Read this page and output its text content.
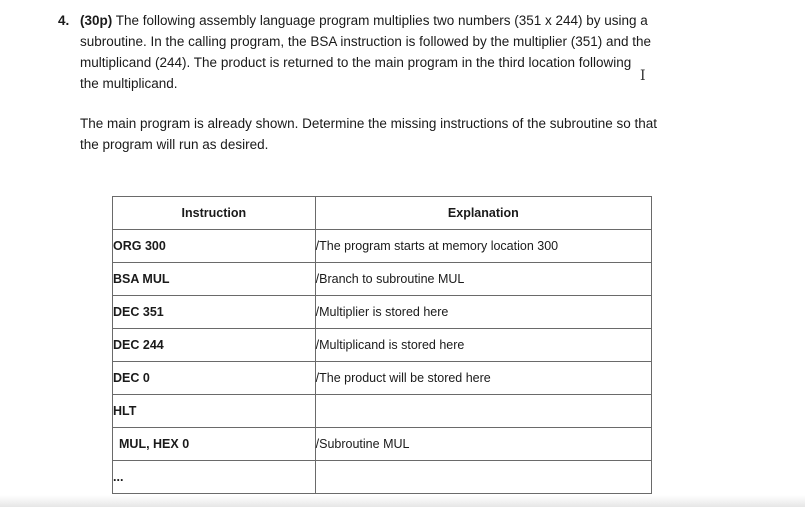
4. (30p) The following assembly language program multiplies two numbers (351 x 244) by using a
subroutine. In the calling program, the BSA instruction is followed by the multiplier (351) and the
multiplicand (244). The product is returned to the main program in the third location following
the multiplicand.	I
The main program is already shown. Determine the missing instructions of the subroutine so that
the program will run as desired.
Instruction	Explanation
ORG 300	/The program starts at memory location 300
BSA MUL	/Branch to subroutine MUL
DEC 351	/Multiplier is stored here
DEC 244	/Multiplicand is stored here
DEC 0	/The product will be stored here
HLT	
MUL, HEX 0	/Subroutine MUL
...	
